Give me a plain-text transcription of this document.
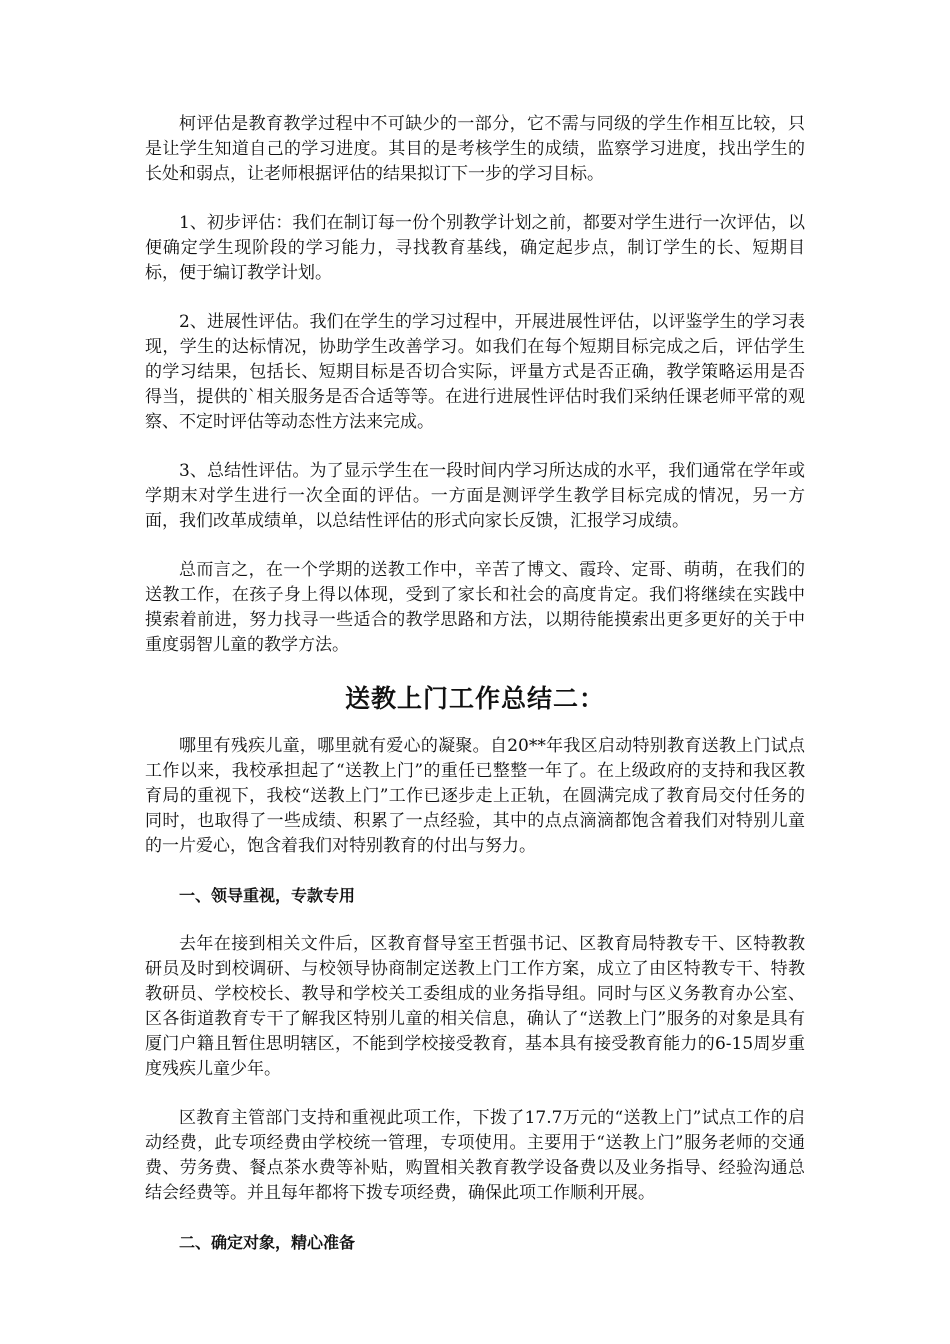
柯评估是教育教学过程中不可缺少的一部分，它不需与同级的学生作相互比较，只是让学生知道自己的学习进度。其目的是考核学生的成绩，监察学习进度，找出学生的长处和弱点，让老师根据评估的结果拟订下一步的学习目标。

1、初步评估：我们在制订每一份个别教学计划之前，都要对学生进行一次评估，以便确定学生现阶段的学习能力，寻找教育基线，确定起步点，制订学生的长、短期目标，便于编订教学计划。

2、进展性评估。我们在学生的学习过程中，开展进展性评估，以评鉴学生的学习表现，学生的达标情况，协助学生改善学习。如我们在每个短期目标完成之后，评估学生的学习结果，包括长、短期目标是否切合实际，评量方式是否正确，教学策略运用是否得当，提供的`相关服务是否合适等等。在进行进展性评估时我们采纳任课老师平常的观察、不定时评估等动态性方法来完成。

3、总结性评估。为了显示学生在一段时间内学习所达成的水平，我们通常在学年或学期末对学生进行一次全面的评估。一方面是测评学生教学目标完成的情况，另一方面，我们改革成绩单，以总结性评估的形式向家长反馈，汇报学习成绩。

总而言之，在一个学期的送教工作中，辛苦了博文、霞玲、定哥、萌萌，在我们的送教工作，在孩子身上得以体现，受到了家长和社会的高度肯定。我们将继续在实践中摸索着前进，努力找寻一些适合的教学思路和方法，以期待能摸索出更多更好的关于中重度弱智儿童的教学方法。

送教上门工作总结二：

哪里有残疾儿童，哪里就有爱心的凝聚。自20**年我区启动特别教育送教上门试点工作以来，我校承担起了“送教上门”的重任已整整一年了。在上级政府的支持和我区教育局的重视下，我校“送教上门”工作已逐步走上正轨，在圆满完成了教育局交付任务的同时，也取得了一些成绩、积累了一点经验，其中的点点滴滴都饱含着我们对特别儿童的一片爱心，饱含着我们对特别教育的付出与努力。

一、领导重视，专款专用

去年在接到相关文件后，区教育督导室王哲强书记、区教育局特教专干、区特教教研员及时到校调研、与校领导协商制定送教上门工作方案，成立了由区特教专干、特教教研员、学校校长、教导和学校关工委组成的业务指导组。同时与区义务教育办公室、区各街道教育专干了解我区特别儿童的相关信息，确认了“送教上门”服务的对象是具有厦门户籍且暂住思明辖区，不能到学校接受教育，基本具有接受教育能力的6-15周岁重度残疾儿童少年。

区教育主管部门支持和重视此项工作，下拨了17.7万元的“送教上门”试点工作的启动经费，此专项经费由学校统一管理，专项使用。主要用于“送教上门”服务老师的交通费、劳务费、餐点茶水费等补贴，购置相关教育教学设备费以及业务指导、经验沟通总结会经费等。并且每年都将下拨专项经费，确保此项工作顺利开展。

二、确定对象，精心准备
